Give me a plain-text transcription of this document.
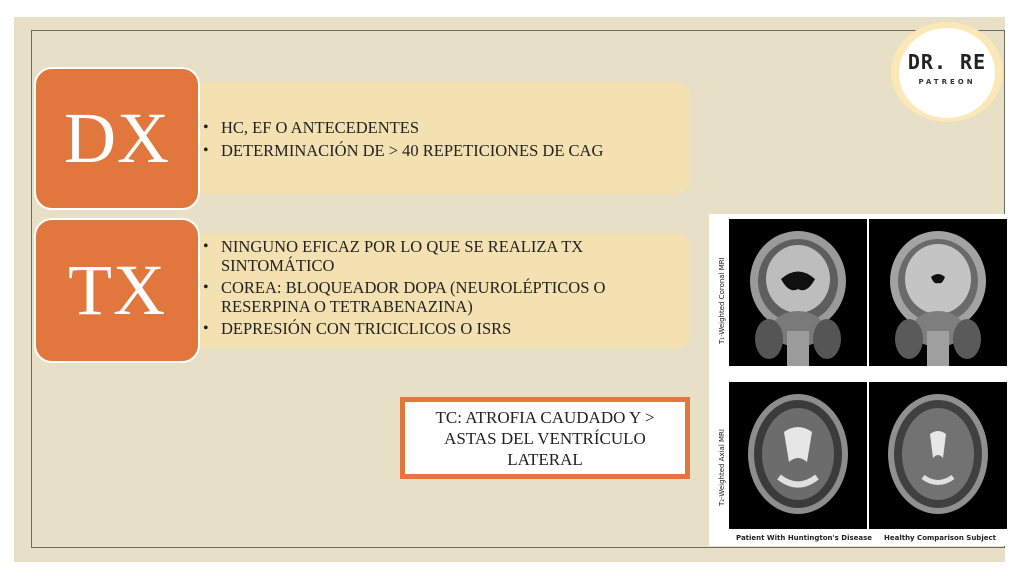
DX
•	HC, EF O ANTECEDENTES
• DETERMINACIÓN DE > 40 REPETICIONES DE CAG
TX
• NINGUNO EFICAZ POR LO QUE SE REALIZA TX SINTOMÁTICO
• COREA: BLOQUEADOR DOPA (NEUROLÉPTICOS O RESERPINA O TETRABENAZINA)
• DEPRESIÓN CON TRICICLICOS O ISRS
TC: ATROFIA CAUDADO Y > ASTAS DEL VENTRÍCULO LATERAL
DR. RE
PATREON
T₁-Weighted Coronal MRI
T₂-Weighted Axial MRI
Patient With Huntington's Disease Healthy Comparison Subject
